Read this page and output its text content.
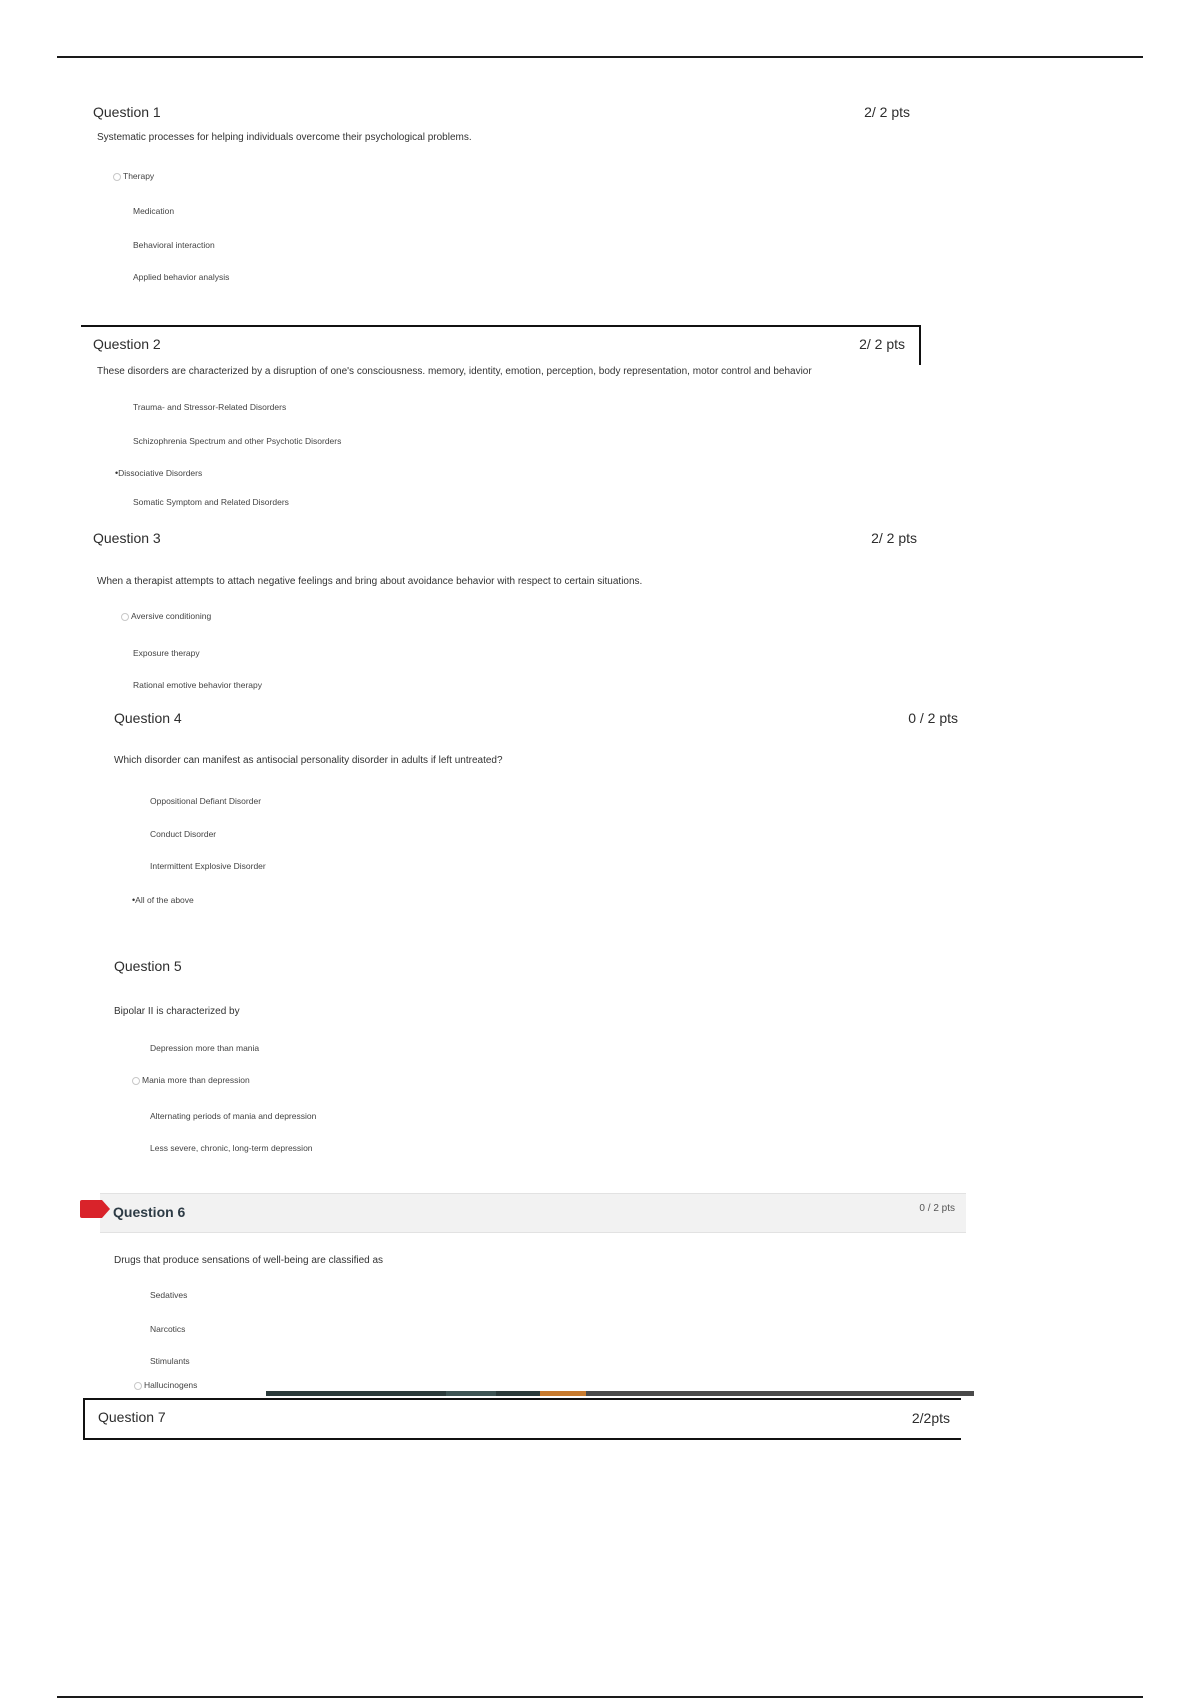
Question 1	2/ 2 pts
Systematic processes for helping individuals overcome their psychological problems.
Therapy
Medication
Behavioral interaction
Applied behavior analysis
Question 2	2/ 2 pts
These disorders are characterized by a disruption of one's consciousness. memory, identity, emotion, perception, body representation, motor control and behavior
Trauma- and Stressor-Related Disorders
Schizophrenia Spectrum and other Psychotic Disorders
•Dissociative Disorders
Somatic Symptom and Related Disorders
Question 3	2/ 2 pts
When a therapist attempts to attach negative feelings and bring about avoidance behavior with respect to certain situations.
Aversive conditioning
Exposure therapy
Rational emotive behavior therapy
Question 4	0 / 2 pts
Which disorder can manifest as antisocial personality disorder in adults if left untreated?
Oppositional Defiant Disorder
Conduct Disorder
Intermittent Explosive Disorder
•All of the above
Question 5
Bipolar II is characterized by
Depression more than mania
Mania more than depression
Alternating periods of mania and depression
Less severe, chronic, long-term depression
Question 6	0 / 2 pts
Drugs that produce sensations of well-being are classified as
Sedatives
Narcotics
Stimulants
Hallucinogens
Question 7	2/2pts
